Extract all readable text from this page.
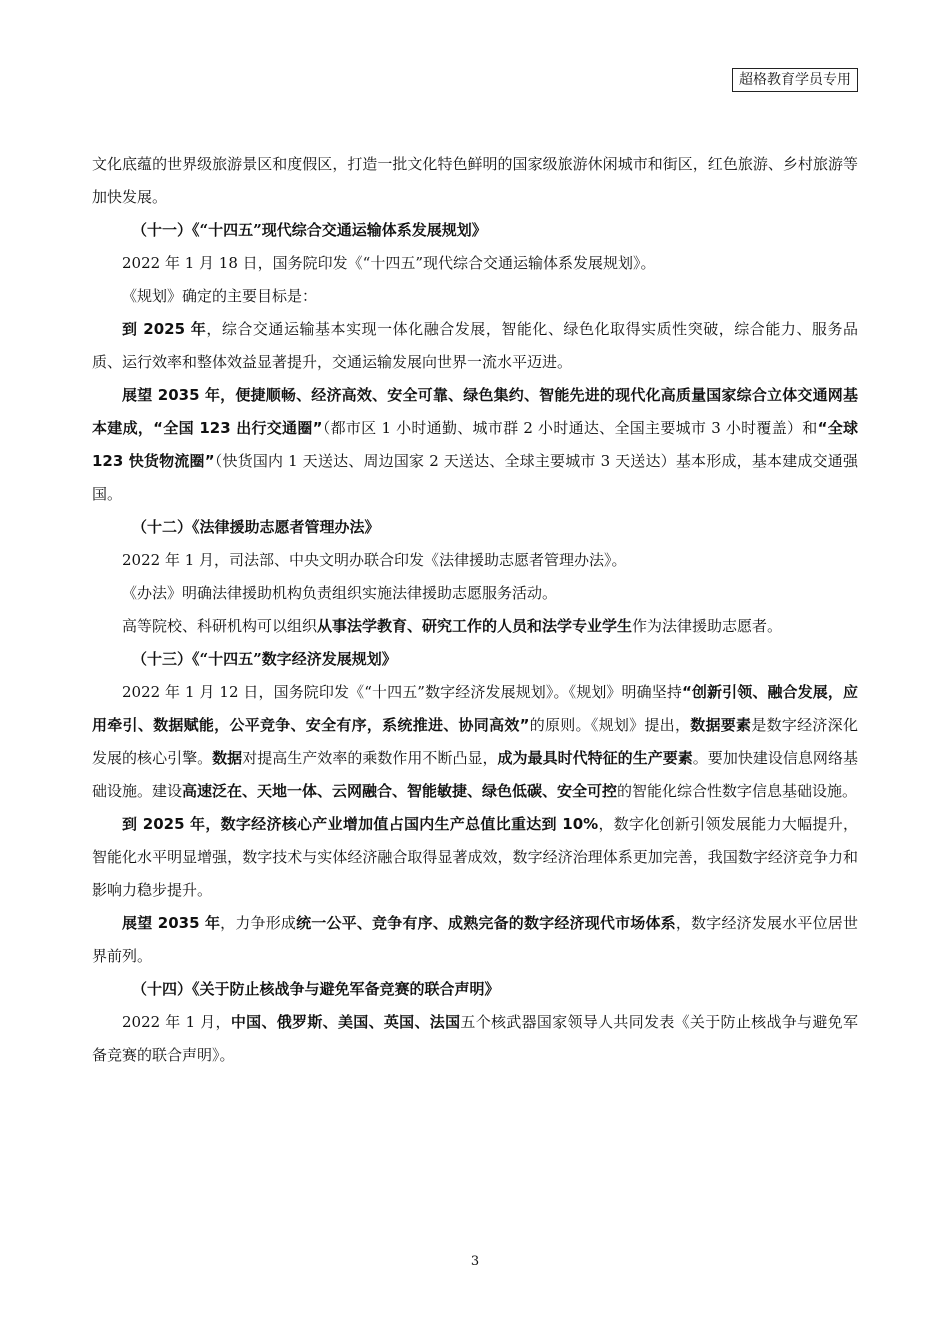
超格教育学员专用

文化底蕴的世界级旅游景区和度假区，打造一批文化特色鲜明的国家级旅游休闲城市和街区，红色旅游、乡村旅游等加快发展。

（十一）《“十四五”现代综合交通运输体系发展规划》

2022 年 1 月 18 日，国务院印发《“十四五”现代综合交通运输体系发展规划》。

《规划》确定的主要目标是：

到 2025 年，综合交通运输基本实现一体化融合发展，智能化、绿色化取得实质性突破，综合能力、服务品质、运行效率和整体效益显著提升，交通运输发展向世界一流水平迈进。

展望 2035 年，便捷顺畅、经济高效、安全可靠、绿色集约、智能先进的现代化高质量国家综合立体交通网基本建成，“全国 123 出行交通圈”（都市区 1 小时通勤、城市群 2 小时通达、全国主要城市 3 小时覆盖）和“全球 123 快货物流圈”（快货国内 1 天送达、周边国家 2 天送达、全球主要城市 3 天送达）基本形成，基本建成交通强国。

（十二）《法律援助志愿者管理办法》

2022 年 1 月，司法部、中央文明办联合印发《法律援助志愿者管理办法》。

《办法》明确法律援助机构负责组织实施法律援助志愿服务活动。

高等院校、科研机构可以组织从事法学教育、研究工作的人员和法学专业学生作为法律援助志愿者。

（十三）《“十四五”数字经济发展规划》

2022 年 1 月 12 日，国务院印发《“十四五”数字经济发展规划》。《规划》明确坚持“创新引领、融合发展，应用牵引、数据赋能，公平竞争、安全有序，系统推进、协同高效”的原则。《规划》提出，数据要素是数字经济深化发展的核心引擎。数据对提高生产效率的乘数作用不断凸显，成为最具时代特征的生产要素。要加快建设信息网络基础设施。建设高速泛在、天地一体、云网融合、智能敏捷、绿色低碳、安全可控的智能化综合性数字信息基础设施。

到 2025 年，数字经济核心产业增加值占国内生产总值比重达到 10%，数字化创新引领发展能力大幅提升，智能化水平明显增强，数字技术与实体经济融合取得显著成效，数字经济治理体系更加完善，我国数字经济竞争力和影响力稳步提升。

展望 2035 年，力争形成统一公平、竞争有序、成熟完备的数字经济现代市场体系，数字经济发展水平位居世界前列。

（十四）《关于防止核战争与避免军备竞赛的联合声明》

2022 年 1 月，中国、俄罗斯、美国、英国、法国五个核武器国家领导人共同发表《关于防止核战争与避免军备竞赛的联合声明》。

3
